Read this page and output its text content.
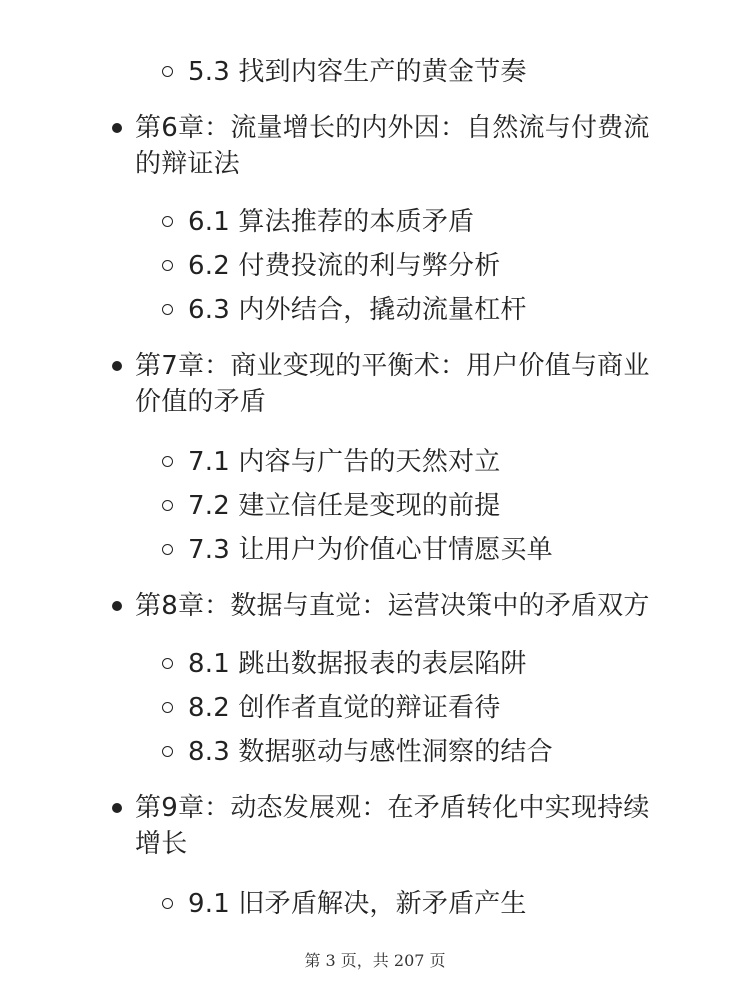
5.3 找到内容生产的黄金节奏
第6章：流量增长的内外因：自然流与付费流的辩证法
6.1 算法推荐的本质矛盾
6.2 付费投流的利与弊分析
6.3 内外结合，撬动流量杠杆
第7章：商业变现的平衡术：用户价值与商业价值的矛盾
7.1 内容与广告的天然对立
7.2 建立信任是变现的前提
7.3 让用户为价值心甘情愿买单
第8章：数据与直觉：运营决策中的矛盾双方
8.1 跳出数据报表的表层陷阱
8.2 创作者直觉的辩证看待
8.3 数据驱动与感性洞察的结合
第9章：动态发展观：在矛盾转化中实现持续增长
9.1 旧矛盾解决，新矛盾产生
第 3 页，共 207 页
